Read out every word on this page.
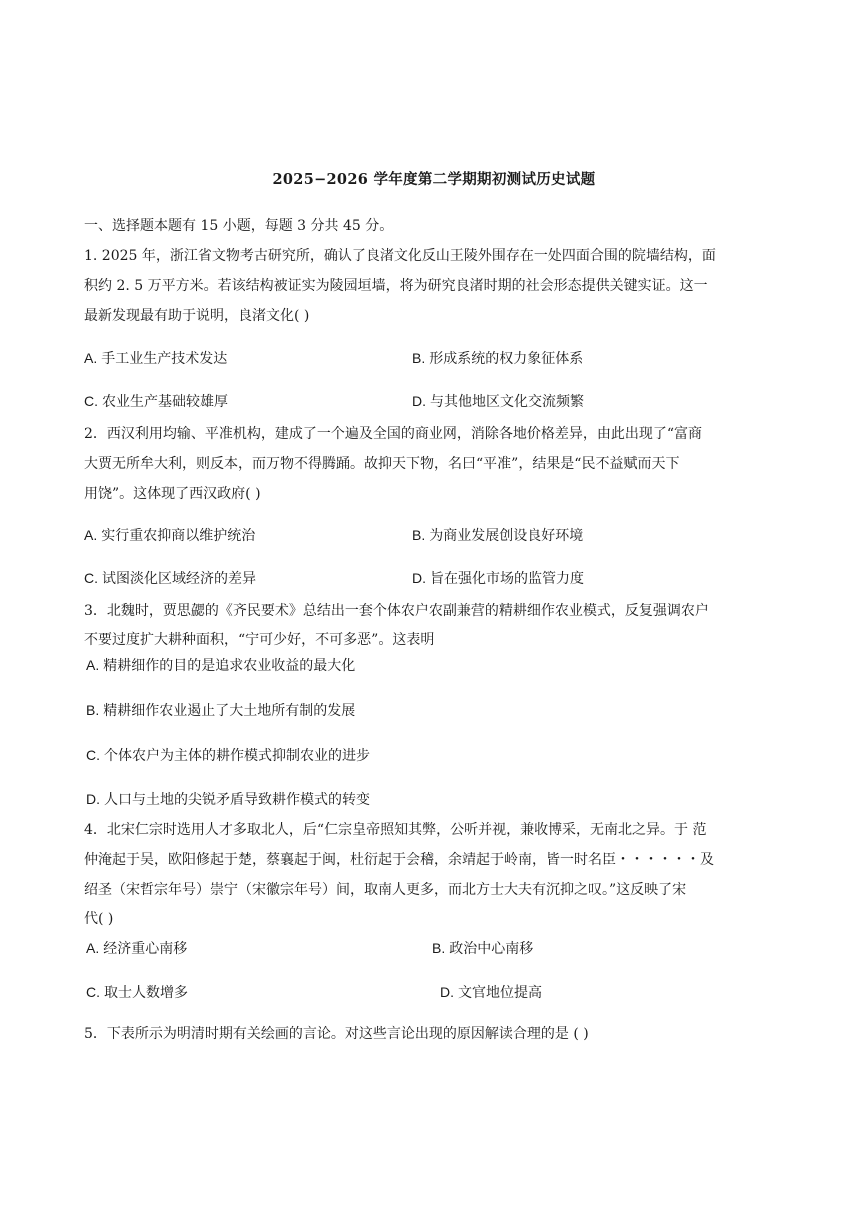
2025−2026 学年度第二学期期初测试历史试题
一、选择题本题有 15 小题，每题 3 分共 45 分。
1. 2025 年，浙江省文物考古研究所，确认了良渚文化反山王陵外围存在一处四面合围的院墙结构，面
积约 2. 5 万平方米。若该结构被证实为陵园垣墙，将为研究良渚时期的社会形态提供关键实证。这一
最新发现最有助于说明，良渚文化( )
A. 手工业生产技术发达	B. 形成系统的权力象征体系
C. 农业生产基础较雄厚	D. 与其他地区文化交流频繁
2．西汉利用均输、平准机构，建成了一个遍及全国的商业网，消除各地价格差异，由此出现了“富商
大贾无所牟大利，则反本，而万物不得腾踊。故抑天下物，名曰“平准”，结果是“民不益赋而天下
用饶”。这体现了西汉政府( )
A. 实行重农抑商以维护统治	B. 为商业发展创设良好环境
C. 试图淡化区域经济的差异	D. 旨在强化市场的监管力度
3．北魏时，贾思勰的《齐民要术》总结出一套个体农户农副兼营的精耕细作农业模式，反复强调农户
不要过度扩大耕种面积，“宁可少好，不可多恶”。这表明
A. 精耕细作的目的是追求农业收益的最大化
B. 精耕细作农业遏止了大土地所有制的发展
C. 个体农户为主体的耕作模式抑制农业的进步
D. 人口与土地的尖锐矛盾导致耕作模式的转变
4．北宋仁宗时选用人才多取北人，后“仁宗皇帝照知其弊，公听并视，兼收博采，无南北之异。于 范
仲淹起于吴，欧阳修起于楚，蔡襄起于闽，杜衍起于会稽，余靖起于岭南，皆一时名臣・・・・・・及
绍圣（宋哲宗年号）崇宁（宋徽宗年号）间，取南人更多，而北方士大夫有沉抑之叹。”这反映了宋
代( )
A. 经济重心南移	B. 政治中心南移
C. 取士人数增多	D. 文官地位提高
5．下表所示为明清时期有关绘画的言论。对这些言论出现的原因解读合理的是 ( )
